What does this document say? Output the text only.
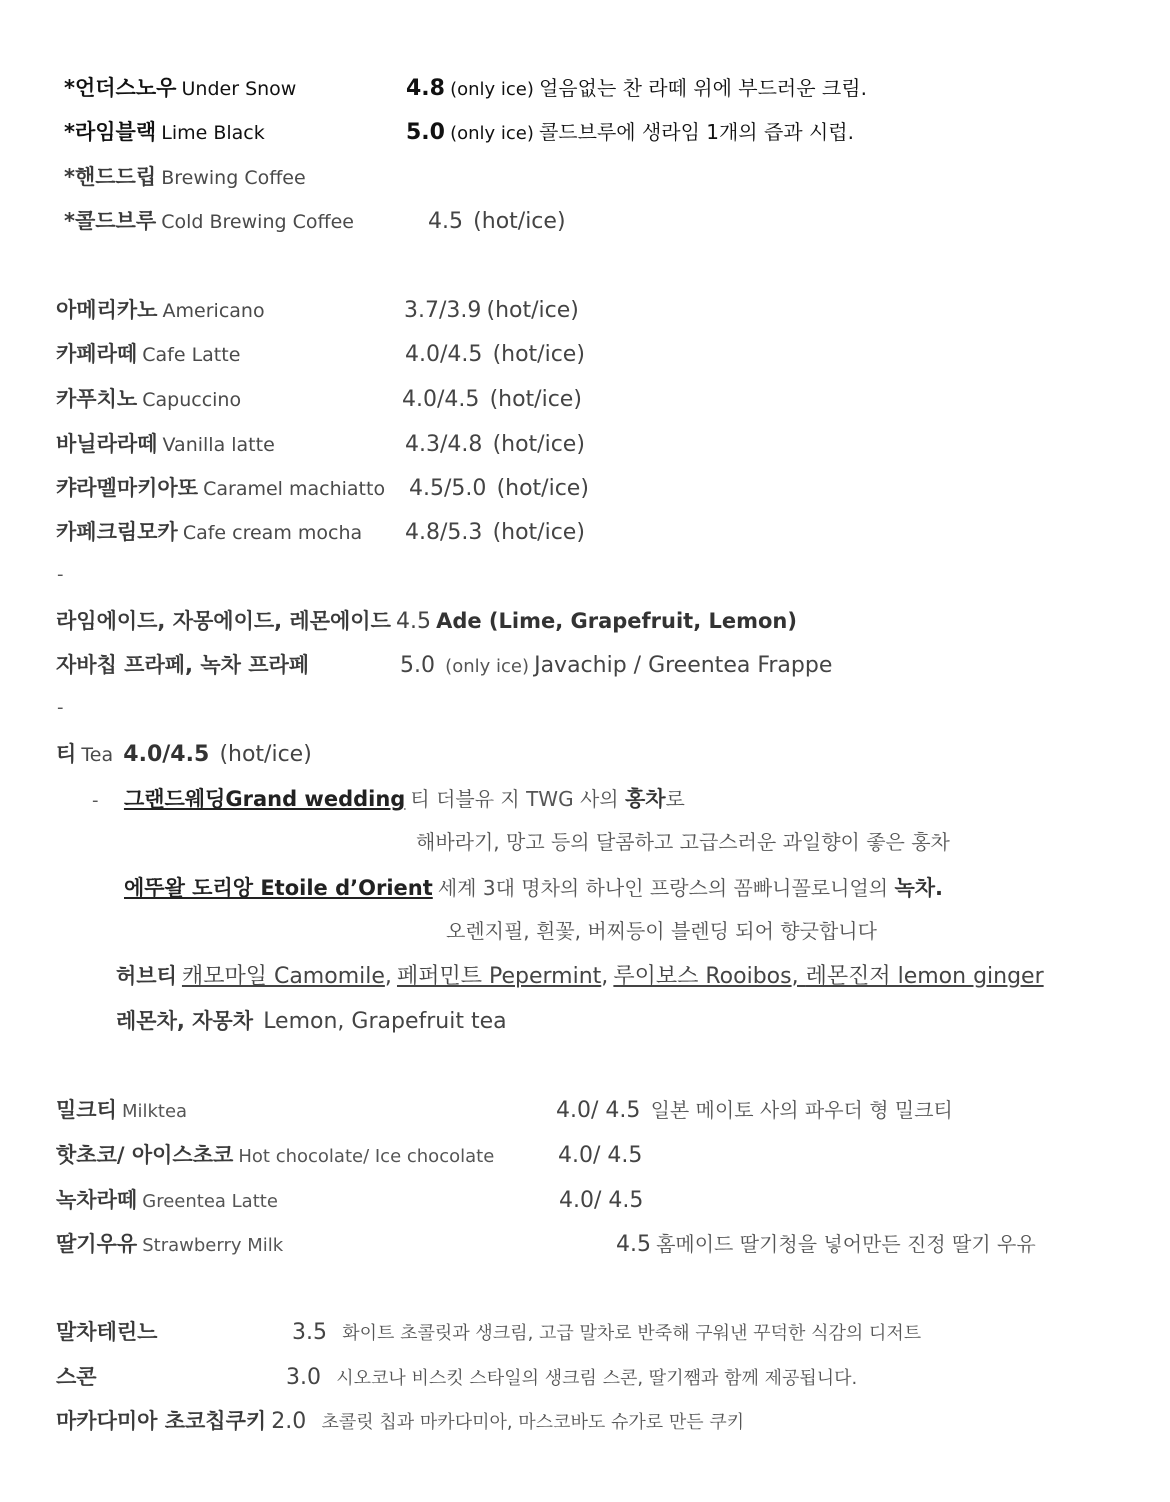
*언더스노우 Under Snow	4.8 (only ice) 얼음없는 찬 라떼 위에 부드러운 크림.
*라임블랙 Lime Black	5.0 (only ice) 콜드브루에 생라임 1개의 즙과 시럽.
*핸드드립 Brewing Coffee
*콜드브루 Cold Brewing Coffee	4.5 (hot/ice)
아메리카노 Americano	3.7/3.9 (hot/ice)
카페라떼 Cafe Latte	4.0/4.5 (hot/ice)
카푸치노 Capuccino	4.0/4.5 (hot/ice)
바닐라라떼 Vanilla latte	4.3/4.8 (hot/ice)
캬라멜마키아또 Caramel machiatto 4.5/5.0 (hot/ice)
카페크림모카 Cafe cream mocha 4.8/5.3 (hot/ice)
-
라임에이드, 자몽에이드, 레몬에이드 4.5 Ade (Lime, Grapefruit, Lemon)
자바칩 프라페, 녹차 프라페	5.0 (only ice) Javachip / Greentea Frappe
-
티 Tea 4.0/4.5 (hot/ice)
- 그랜드웨딩Grand wedding 티 더블유 지 TWG 사의 홍차로
해바라기, 망고 등의 달콤하고 고급스러운 과일향이 좋은 홍차
에뚜왈 도리앙 Etoile d’Orient 세계 3대 명차의 하나인 프랑스의 꼼빠니꼴로니얼의 녹차.
오렌지필, 흰꽃, 버찌등이 블렌딩 되어 향긋합니다
허브티 캐모마일 Camomile, 페퍼민트 Pepermint, 루이보스 Rooibos, 레몬진저 lemon ginger
레몬차, 자몽차 Lemon, Grapefruit tea
밀크티 Milktea	4.0/ 4.5 일본 메이토 사의 파우더 형 밀크티
핫초코/ 아이스초코 Hot chocolate/ Ice chocolate	4.0/ 4.5
녹차라떼 Greentea Latte	4.0/ 4.5
딸기우유 Strawberry Milk	4.5 홈메이드 딸기청을 넣어만든 진정 딸기 우유
말차테린느	3.5 화이트 초콜릿과 생크림, 고급 말차로 반죽해 구워낸 꾸덕한 식감의 디저트
스콘	3.0 시오코나 비스킷 스타일의 생크림 스콘, 딸기쨈과 함께 제공됩니다.
마카다미아 초코칩쿠키 2.0 초콜릿 칩과 마카다미아, 마스코바도 슈가로 만든 쿠키
